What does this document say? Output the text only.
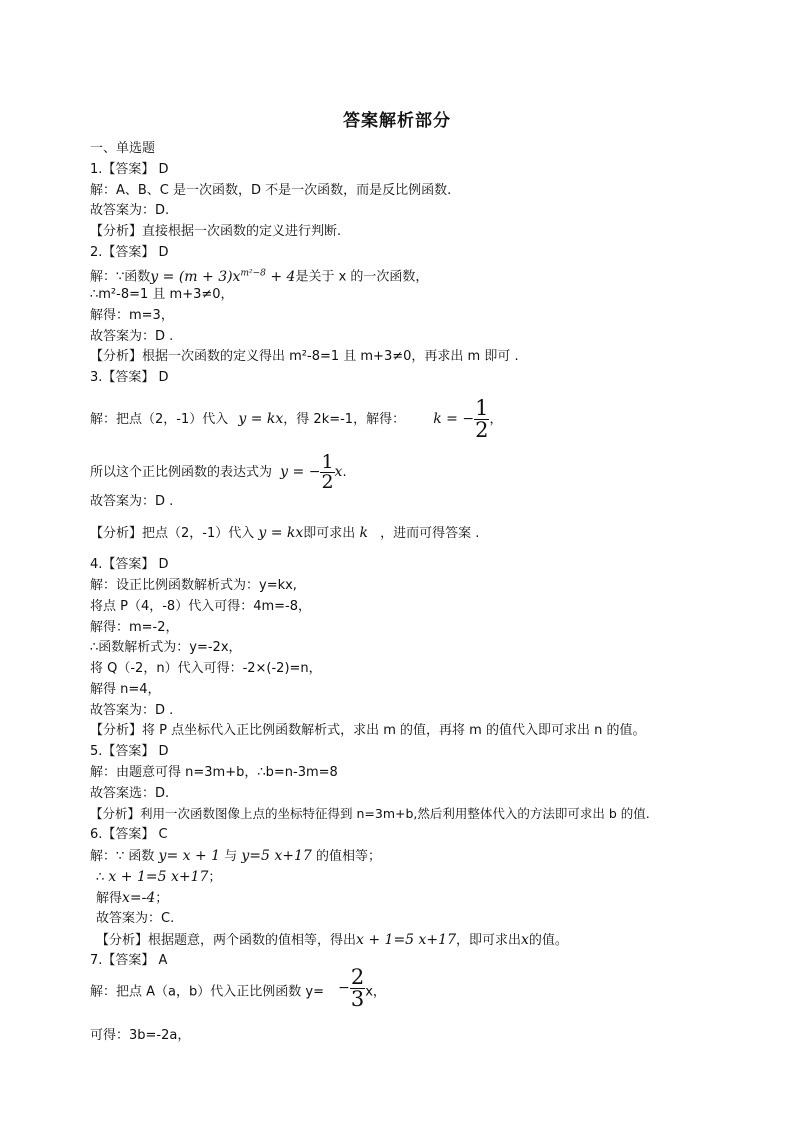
答案解析部分
一、单选题
1.【答案】 D
解：A、B、C 是一次函数，D 不是一次函数，而是反比例函数.
故答案为：D.
【分析】直接根据一次函数的定义进行判断.
2.【答案】 D
解：∵函数$y = (m + 3)x^{m^2-8} + 4$是关于 x 的一次函数，
∴m²-8=1 且 m+3≠0，
解得：m=3，
故答案为：D .
【分析】根据一次函数的定义得出 m²-8=1 且 m+3≠0，再求出 m 即可 .
3.【答案】 D
解：把点（2，-1）代入 y = kx，得 2k=-1，解得： k = − $\frac{1}{2}$ ，
所以这个正比例函数的表达式为 y = − $\frac{1}{2} x$.
故答案为：D .
【分析】把点（2，-1）代入 y = kx即可求出 k ，进而可得答案 .
4.【答案】 D
解：设正比例函数解析式为：y=kx,
将点 P（4，-8）代入可得：4m=-8，
解得：m=-2，
∴函数解析式为：y=-2x，
将 Q（-2，n）代入可得：-2×(-2)=n，
解得 n=4，
故答案为：D .
【分析】将 P 点坐标代入正比例函数解析式，求出 m 的值，再将 m 的值代入即可求出 n 的值。
5.【答案】 D
解：由题意可得 n=3m+b，∴b=n-3m=8
故答案选：D.
【分析】利用一次函数图像上点的坐标特征得到 n=3m+b,然后利用整体代入的方法即可求出 b 的值.
6.【答案】 C
解：∵ 函数 y= x + 1 与 y=5 x+17 的值相等；
∴ x + 1=5 x+17；
解得x=-4；
故答案为：C.
【分析】根据题意，两个函数的值相等，得出x + 1=5 x+17，即可求出x的值。
7.【答案】 A
解：把点 A（a，b）代入正比例函数 $y= - \frac{2}{3}$ x，
可得：3b=-2a，
